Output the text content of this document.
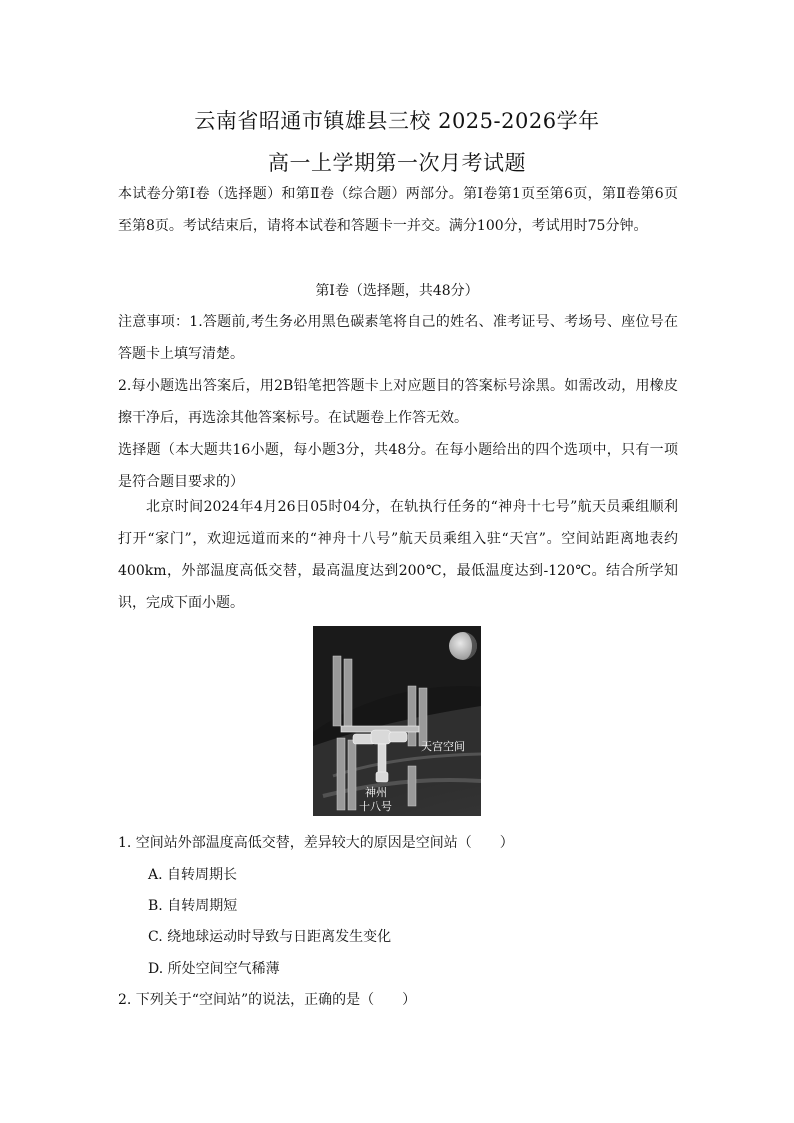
云南省昭通市镇雄县三校 2025-2026学年
高一上学期第一次月考试题
本试卷分第Ⅰ卷（选择题）和第Ⅱ卷（综合题）两部分。第Ⅰ卷第1页至第6页，第Ⅱ卷第6页至第8页。考试结束后，请将本试卷和答题卡一并交。满分100分，考试用时75分钟。
第Ⅰ卷（选择题，共48分）
注意事项：1.答题前,考生务必用黑色碳素笔将自己的姓名、准考证号、考场号、座位号在答题卡上填写清楚。
2.每小题选出答案后，用2B铅笔把答题卡上对应题目的答案标号涂黑。如需改动，用橡皮擦干净后，再选涂其他答案标号。在试题卷上作答无效。
选择题（本大题共16小题，每小题3分，共48分。在每小题给出的四个选项中，只有一项是符合题目要求的）
北京时间2024年4月26日05时04分，在轨执行任务的“神舟十七号”航天员乘组顺利打开“家门”，欢迎远道而来的“神舟十八号”航天员乘组入驻“天宫”。空间站距离地表约400km，外部温度高低交替，最高温度达到200℃，最低温度达到-120℃。结合所学知识，完成下面小题。
天宫空间
神州
十八号
1. 空间站外部温度高低交替，差异较大的原因是空间站（　　）
A. 自转周期长
B. 自转周期短
C. 绕地球运动时导致与日距离发生变化
D. 所处空间空气稀薄
2. 下列关于“空间站”的说法，正确的是（　　）
